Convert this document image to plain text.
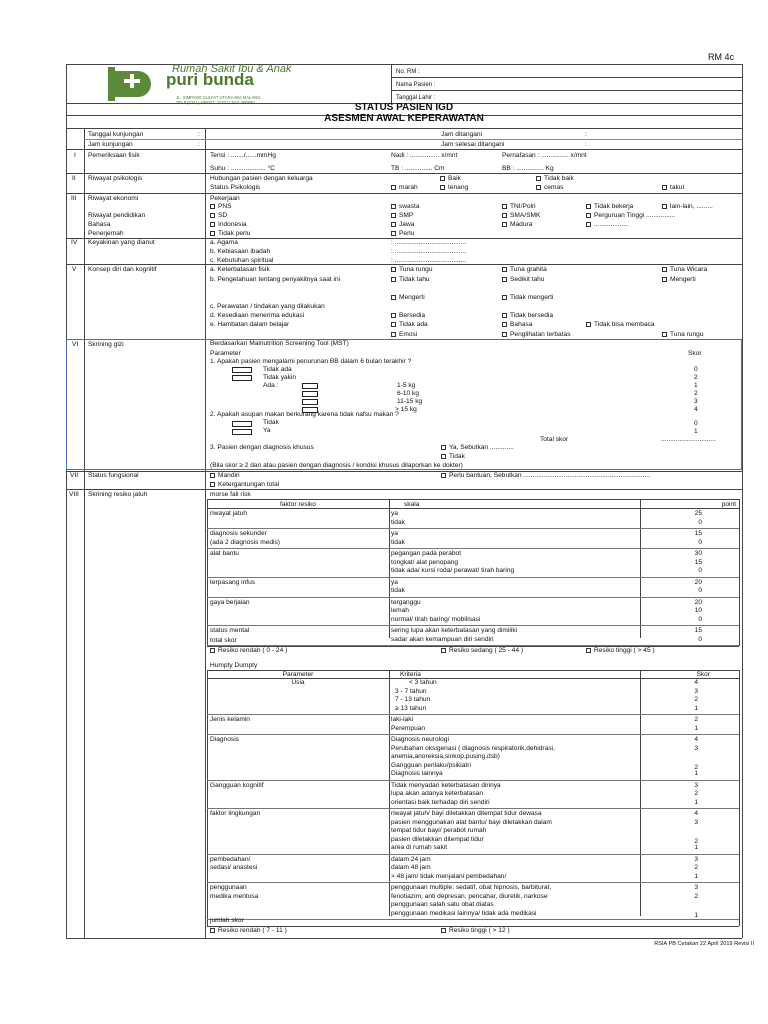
RM 4c
Rumah Sakit Ibu & Anak
puri bunda
JL. SIMPANG SULFAT UTARA 60A MALANG
TELP.(0341) 480047, 477011 FAX.486880
No. RM :
Nama Pasien :
Tanggal Lahir :
STATUS PASIEN IGD
ASESMEN AWAL KEPERAWATAN
Tanggal kunjungan	:	Jam ditangani	:
Jam kunjungan	:	Jam selesai ditangani	:
I Pemeriksaan fisik	Tensi : ......./......mmHg	Nadi : ................ x/mnt	Pernafasan : ............... x/mnt
Suhu : ................... °C	TB : ............... Cm	BB : ............... Kg
II Riwayat psikologis	Hubungan pasien dengan keluarga	Baik	Tidak baik
Status Psikologis	marah	tenang	cemas	takut
III Riwayat ekonomi	Pekerjaan
PNS	swasta	TNI/Polri	Tidak bekerja	lain-lain, .........
Riwayat pendidikan	SD	SMP	SMA/SMK	Perguruan Tinggi ................
Bahasa	Indonesia	Jawa	Madura	...................
Penerjemah	Tidak perlu	Perlu
IV Keyakinan yang dianut	a. Agama	: .......................................
b. Kebiasaan ibadah	: .......................................
c. Kebutuhan spiritual	: .......................................
V Konsep diri dan kognitif	a. Keterbatasan fisik	Tuna rungu	Tuna grahita	Tuna Wicara
b. Pengetahuan tentang penyakitnya saat ini	Tidak tahu	Sedikit tahu	Mengerti
Mengerti	Tidak mengerti
c. Perawatan / tindakan yang dilakukan
d. Kesediaan menerima edukasi	Bersedia	Tidak bersedia
e. Hambatan dalam belajar	Tidak ada	Bahasa	Tidak bisa membaca
Emosi	Penglihatan terbatas	Tuna rungu
VI Skrining gizi	Berdasarkan Malnutrition Screening Tool (MST)
Parameter	Skor
1. Apakah pasien mengalami penurunan BB dalam 6 bulan terakhir ?
Tidak ada	0
Tidak yakin	2
Ada :	1-5 kg	1
6-10 kg	2
11-15 kg	3
> 15 kg	4
2. Apakah asupan makan berkurang karena tidak nafsu makan ?
Tidak	0
Ya	1
Total skor	..............................
3. Pasien dengan diagnosis khusus	Ya, Sebutkan .............
Tidak
(Bila skor ≥ 2 dan atau pasien dengan diagnosis / kondisi khusus dilaporkan ke dokter)
VII Status fungsional	Mandiri	Perlu bantuan, Sebutkan .....................................................................
Ketergantungan total
VIII Skrining resiko jatuh	morse fall risk
faktor resiko	skala	point
riwayat jatuh	ya	25
tidak	0
diagnosis sekunder
(ada 2 diagnosis medis)
ya	15
tidak	0
alat bantu	pegangan pada perabot	30
tongkat/ alat penopang	15
tidak ada/ kursi roda/ perawat/ tirah baring	0
terpasang infus	ya	20
tidak	0
gaya berjalan	terganggu	20
lemah	10
normal/ tirah baring/ mobilisasi	0
status mental	sering lupa akan keterbatasan yang dimiliki	15
sadar akan kemampuan diri sendiri	0
total skor
Resiko rendah ( 0 - 24 )	Resiko sedang ( 25 - 44 )	Resiko tinggi ( > 45 )
Humpty Dumpty
Parameter	Kriteria	Skor
Usia	< 3 tahun	4
3 - 7 tahun	3
7 - 13 tahun	2
≥ 13 tahun	1
Jenis kelamin	laki-laki	2
Perempuan	1
Diagnosis	Diagnosis neurologi	4
Perubahan oksigenasi ( diagnosis respiratorik,dehidrasi,	3
anemia,anoreksia,sinkop,pusing,dsb)
Gangguan perilaku/psikiatri	2
Diagnosis lainnya	1
Gangguan kognitif	Tidak menyadari keterbatasan dirinya	3
lupa akan adanya keterbatasan	2
orientasi baik terhadap diri sendiri	1
faktor lingkungan	riwayat jatuh/ bayi diletakkan ditempat tidur dewasa	4
pasien menggunakan alat bantu/ bayi diletakkan dalam	3
tempat tidur bayi/ perabot rumah
pasien diletakkan ditempat tidur	2
area di rumah sakit	1
pembedahan/
sedasi/ anastesi
dalam 24 jam	3
dalam 48 jam	2
> 48 jam/ tidak menjalani pembedahan/	1
penggunaan
medika mentosa
penggunaan multiple: sedatif, obat hipnosis, barbiturat,	3
fenotiazim, anti depresan, pencahar, diuretik, narkose	2
penggunaan salah satu obat diatas
penggunaan medikasi lainnya/ tidak ada medikasi	1
jumlah skor
Resiko rendah ( 7 - 11 )	Resiko tinggi ( > 12 )
RSIA PB Cetakan 22 April 2019 Revisi II
